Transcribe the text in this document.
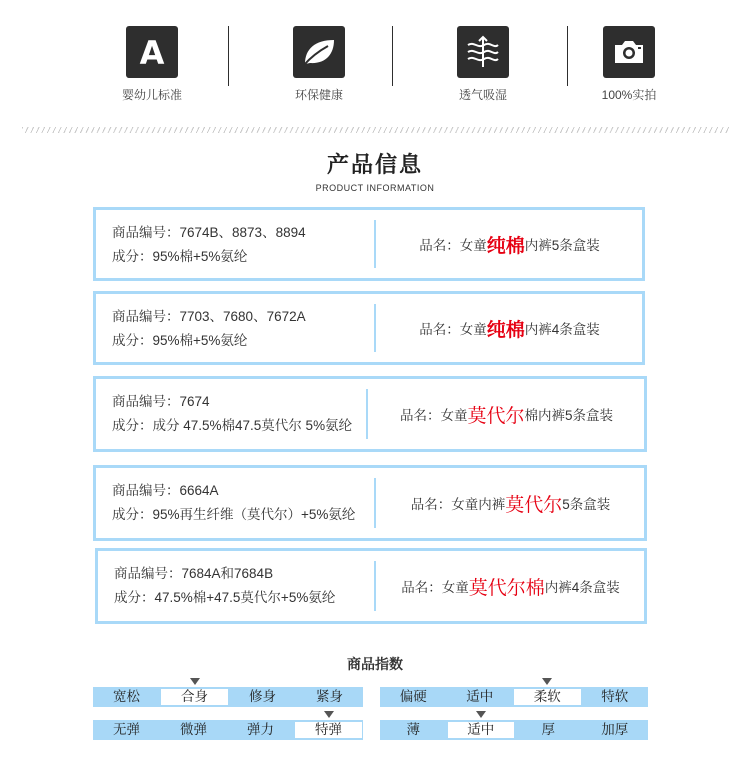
A
婴幼儿标准	环保健康	透气吸湿	100%实拍
产品信息
PRODUCT INFORMATION
商品编号：7674B、8873、8894
成分：95%棉+5%氨纶
品名：女童 纯棉 内裤5条盒装
商品编号：7703、7680、7672A
成分：95%棉+5%氨纶
品名：女童 纯棉 内裤4条盒装
商品编号：7674
成分：成分 47.5%棉47.5莫代尔 5%氨纶
品名：女童 莫代尔 棉内裤5条盒装
商品编号：6664A
成分：95%再生纤维（莫代尔）+5%氨纶
品名：女童内裤 莫代尔 5条盒装
商品编号：7684A和7684B
成分：47.5%棉+47.5莫代尔+5%氨纶
品名：女童 莫代尔棉 内裤4条盒装
商品指数
宽松	合身	修身	紧身	偏硬	适中	柔软	特软
无弹	微弹	弹力	特弹	薄	适中	厚	加厚
